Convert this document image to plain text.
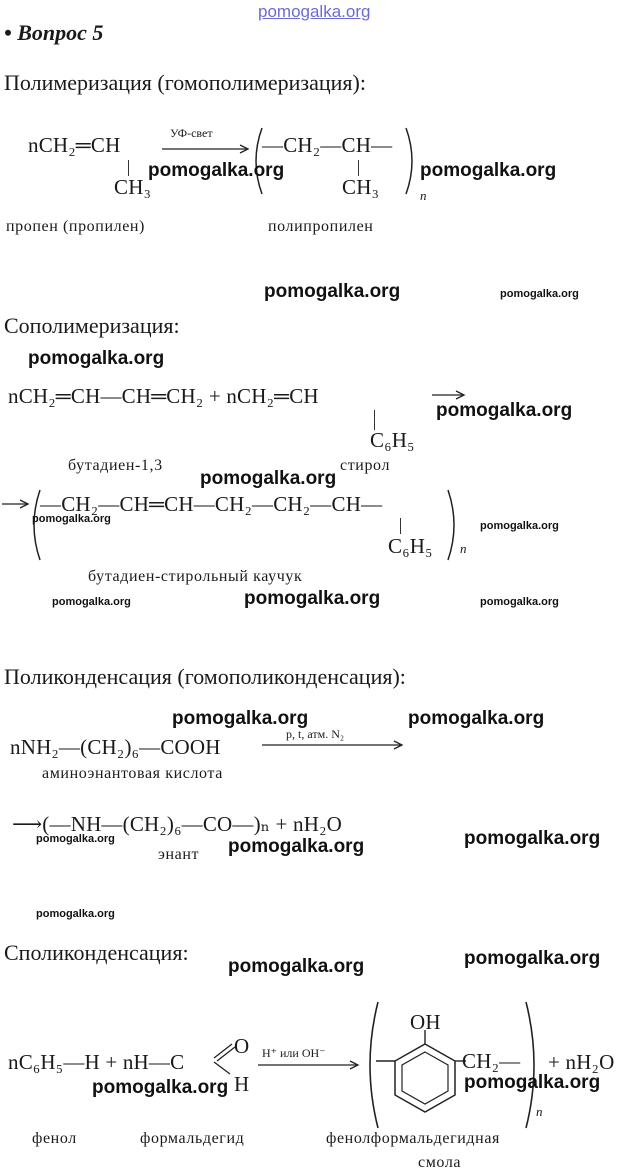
pomogalka.org
• Вопрос 5
Полимеризация (гомополимеризация):
nCH₂═CH
CH₃
УФ-свет —CH₂—CH—
CH₃	n
пропен (пропилен)	полипропилен
Сополимеризация:
nCH₂═CH—CH═CH₂ + nCH₂═CH
C₆H₅
бутадиен-1,3	стирол
—CH₂—CH═CH—CH₂—CH₂—CH—
C₆H₅ n
бутадиен-стирольный каучук
Поликонденсация (гомополиконденсация):
nNH₂—(CH₂)₆—COOH
p, t, атм. N₂
аминоэнантовая кислота
⟶(—NH—(CH₂)₆—CO—)ₙ + nH₂O
энант
Споликонденсация:
nC₆H₅—H + nH—C
O
H
H⁺ или OH⁻
OH
CH₂—
n
+ nH₂O
фенол	формальдегид	фенолформальдегидная
смола
pomogalka.org	pomogalka.org
pomogalka.org	pomogalka.org
pomogalka.org
pomogalka.org
pomogalka.org
pomogalka.org
pomogalka.org
pomogalka.org	pomogalka.org	pomogalka.org
pomogalka.org	pomogalka.org
pomogalka.org	pomogalka.org
pomogalka.org
pomogalka.org
pomogalka.org	pomogalka.org
pomogalka.org	pomogalka.org
